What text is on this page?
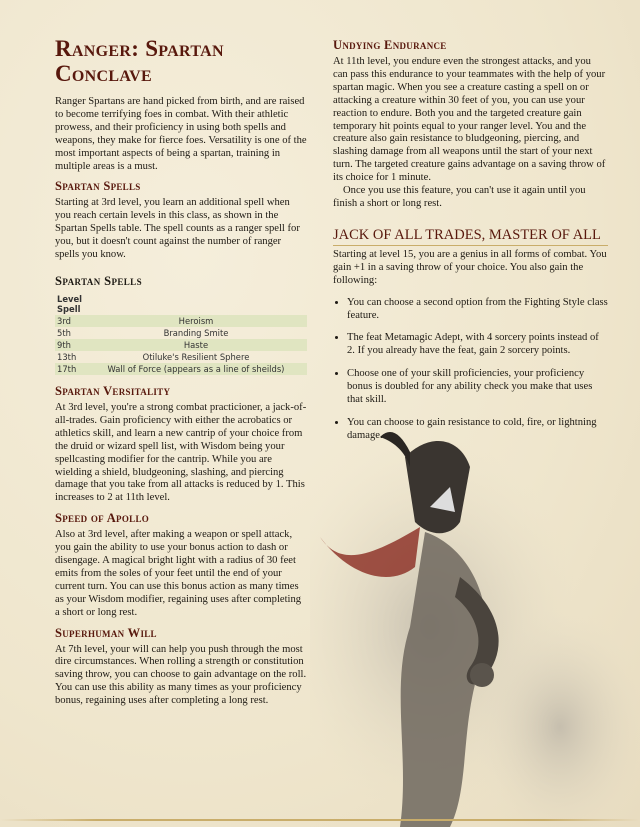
Ranger: Spartan Conclave

Ranger Spartans are hand picked from birth, and are raised to become terrifying foes in combat. With their athletic prowess, and their proficiency in using both spells and weapons, they make for fierce foes. Versatility is one of the most important aspects of being a spartan, training in multiple areas is a must.

Spartan Spells

Starting at 3rd level, you learn an additional spell when you reach certain levels in this class, as shown in the Spartan Spells table. The spell counts as a ranger spell for you, but it doesn't count against the number of ranger spells you know.

Spartan Spells
Level Spell	
3rd	Heroism
5th	Branding Smite
9th	Haste
13th	Otiluke's Resilient Sphere
17th	Wall of Force (appears as a line of sheilds)
Spartan Versitality

At 3rd level, you're a strong combat practicioner, a jack-of-all-trades. Gain proficiency with either the acrobatics or athletics skill, and learn a new cantrip of your choice from the druid or wizard spell list, with Wisdom being your spellcasting modifier for the cantrip. While you are wielding a shield, bludgeoning, slashing, and piercing damage that you take from all attacks is reduced by 1. This increases to 2 at 11th level.

Speed of Apollo

Also at 3rd level, after making a weapon or spell attack, you gain the ability to use your bonus action to dash or disengage. A magical bright light with a radius of 30 feet emits from the soles of your feet until the end of your current turn. You can use this bonus action as many times as your Wisdom modifier, regaining uses after completing a short or long rest.

Superhuman Will

At 7th level, your will can help you push through the most dire circumstances. When rolling a strength or constitution saving throw, you can choose to gain advantage on the roll. You can use this ability as many times as your proficiency bonus, regaining uses after completing a long rest.

Undying Endurance

At 11th level, you endure even the strongest attacks, and you can pass this endurance to your teammates with the help of your spartan magic. When you see a creature casting a spell on or attacking a creature within 30 feet of you, you can use your reaction to endure. Both you and the targeted creature gain temporary hit points equal to your ranger level. You and the creature also gain resistance to bludgeoning, piercing, and slashing damage from all weapons until the start of your next turn. The targeted creature gains advantage on a saving throw of its choice for 1 minute.

Once you use this feature, you can't use it again until you finish a short or long rest.

JACK OF ALL TRADES, MASTER OF ALL

Starting at level 15, you are a genius in all forms of combat. You gain +1 in a saving throw of your choice. You also gain the following:

• You can choose a second option from the Fighting Style class feature.
• The feat Metamagic Adept, with 4 sorcery points instead of 2. If you already have the feat, gain 2 sorcery points.
• Choose one of your skill proficiencies, your proficiency bonus is doubled for any ability check you make that uses that skill.
• You can choose to gain resistance to cold, fire, or lightning damage.
